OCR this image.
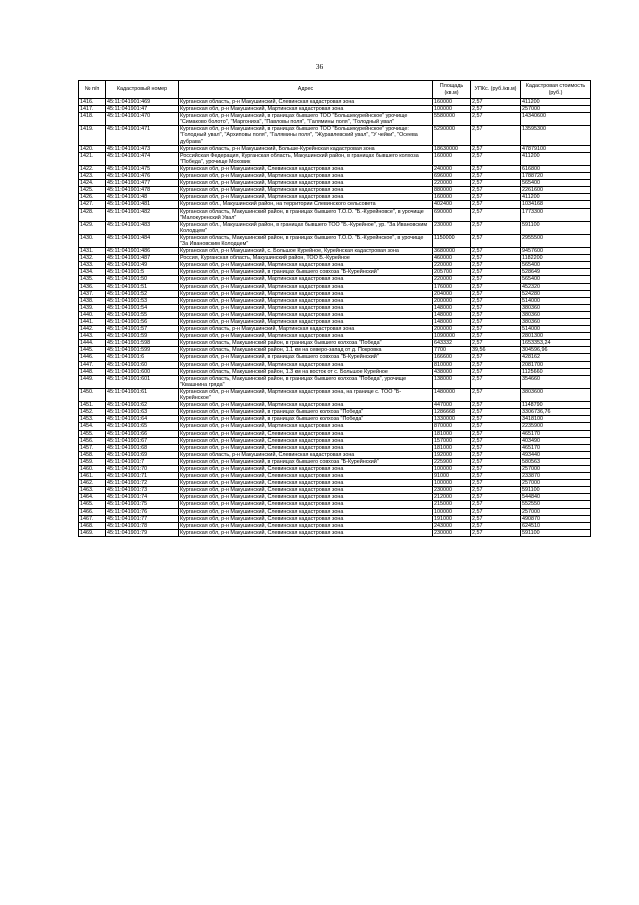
36
№ п/п	Кадастровый номер	Адрес	Площадь (кв.м)	УПКс. (руб./кв.м)	Кадастровая стоимость (руб.)
1416.	45:11:041901:469	Курганская область, р-н Макушинский, Слевинская кадастровая зона	160000	2,57	411200
1417.	45:11:041901:47	Курганская обл, р-н Макушинский, Мартинская кадастровая зона	100000	2,57	257000
1418.	45:11:041901:470	Курганская обл, р-н Макушинский, в границах бывшего ТОО "Большекурейнское" урочище "Симаково болото", "Маргониха", "Павловы поля", "Галямины поля", "Голодный увал"	5580000	2,57	14340600
1419.	45:11:041901:471	Курганская обл, р-н Макушинский, в границах бывшего ТОО "Большекурейнское" урочище: "Голодный увал", "Архиповы поля", "Галямины поля", "Журавлевский увал", "У чейки", "Осеева дубрава"	5290000	2,57	13595300
1420.	45:11:041901:473	Курганская область, р-н Макушинский, Больше-Курейнская кадастровая зона	18630000	2,57	47879100
1421.	45:11:041901:474	Российская Федерация, Курганская область, Макушинский район, в границах бывшего колхоза "Победа", урочище Моховик	160000	2,57	411200
1422.	45:11:041901:475	Курганская обл, р-н Макушинский, Слевинская кадастровая зона	240000	2,57	616800
1423.	45:11:041901:476	Курганская обл, р-н Макушинский, Мартинская кадастровая зона	696000	2,57	1788720
1424.	45:11:041901:477	Курганская обл, р-н Макушинский, Мартинская кадастровая зона	220000	2,57	565400
1425.	45:11:041901:478	Курганская обл, р-н Макушинский, Мартинская кадастровая зона	880000	2,57	2261600
1426.	45:11:041901:48	Курганская обл, р-н Макушинский, Мартинская кадастровая зона	160000	2,57	411200
1427.	45:11:041901:481	Курганская обл., Макушинский район, на территории Слевинского сельсовета	402400	2,57	1034168
1428.	45:11:041901:482	Курганская область, Макушинский район, в границах бывшего Т.О.О. "Б.-Курейновсе", в урочище "Малокуренский Увал"	690000	2,57	1773300
1429.	45:11:041901:483	Курганская обл., Макушинский район, в границах бывшего ТОО "Б.-Курейное", ур. "За Ивановским Колодцем"	230000	2,57	591100
1430.	45:11:041901:484	Курганская область, Макушинский район, в границах бывшего Т.О.О. "Б.-Курейнское", в урочище "За Ивановским Колодцем"	1150000	2,57	2955500
1431.	45:11:041901:486	Курганская обл, р-н Макушинский, с. Большое Курейное, Курейнская кадастровая зона	3680000	2,57	9457600
1432.	45:11:041901:487	Россия, Курганская область, Макушинский район, ТОО Б.-Курейное	460000	2,57	1182200
1433.	45:11:041901:49	Курганская обл, р-н Макушинский, Мартинская кадастровая зона	220000	2,57	565400
1434.	45:11:041901:5	Курганская обл, р-н Макушинский, в границах бывшего совхоза "Б-Курейнский"	205700	2,57	528649
1435.	45:11:041901:50	Курганская обл, р-н Макушинский, Мартинская кадастровая зона	220000	2,57	565400
1436.	45:11:041901:51	Курганская обл, р-н Макушинский, Мартинская кадастровая зона	176000	2,57	452320
1437.	45:11:041901:52	Курганская обл, р-н Макушинский, Мартинская кадастровая зона	204000	2,57	524280
1438.	45:11:041901:53	Курганская обл, р-н Макушинский, Мартинская кадастровая зона	200000	2,57	514000
1439.	45:11:041901:54	Курганская обл, р-н Макушинский, Мартинская кадастровая зона	148000	2,57	380360
1440.	45:11:041901:55	Курганская обл, р-н Макушинский, Мартинская кадастровая зона	148000	2,57	380360
1441.	45:11:041901:56	Курганская обл, р-н Макушинский, Мартинская кадастровая зона	148000	2,57	380360
1442.	45:11:041901:57	Курганская область, р-н Макушинский, Мартинская кадастровая зона	200000	2,57	514000
1443.	45:11:041901:59	Курганская обл, р-н Макушинский, Мартинская кадастровая зона	1090000	2,57	2801300
1444.	45:11:041901:598	Курганская область, Макушинский район, в границах бывшего колхоза "Победа"	643332	2,57	1653353,24
1445.	45:11:041901:599	Курганская область, Макушинский район, 1.1 км на северо-запад от д. Покровка	7700	39,56	304596,96
1446.	45:11:041901:6	Курганская обл, р-н Макушинский, в границах бывшего совхоза "Б-Курейнский"	166600	2,57	428162
1447.	45:11:041901:60	Курганская обл, р-н Макушинский, Мартинская кадастровая зона	810000	2,57	2081700
1448.	45:11:041901:600	Курганская область, Макушинский район, 1.3 км на восток от с. Большое Курейное	438000	2,57	1125660
1449.	45:11:041901:601	Курганская область, Макушинский район, в границах бывшего колхоза "Победа", урочище "Квашнина гряда"	138000	2,57	354660
1450.	45:11:041901:61	Курганская обл, р-н Макушинский, Мартинская кадастровая зона, на границе с. ТОО "Б-Курейнское"	1480000	2,57	3803600
1451.	45:11:041901:62	Курганская обл, р-н Макушинский, Мартинская кадастровая зона	447000	2,57	1148790
1452.	45:11:041901:63	Курганская обл, р-н Макушинский, в границах бывшего колхоза "Победа"	1286668	2,57	3306736,76
1453.	45:11:041901:64	Курганская обл, р-н Макушинский, в границах бывшего колхоза "Победа"	1330000	2,57	3418100
1454.	45:11:041901:65	Курганская обл, р-н Макушинский, Мартинская кадастровая зона	870000	2,57	2235900
1455.	45:11:041901:66	Курганская обл, р-н Макушинский, Слевинская кадастровая зона	181000	2,57	465170
1456.	45:11:041901:67	Курганская обл, р-н Макушинский, Слевинская кадастровая зона	157000	2,57	403490
1457.	45:11:041901:68	Курганская обл, р-н Макушинский, Слевинская кадастровая зона	181000	2,57	465170
1458.	45:11:041901:69	Курганская область, р-н Макушинский, Слевинская кадастровая зона	192000	2,57	493440
1459.	45:11:041901:7	Курганская обл, р-н Макушинский, в границах бывшего совхоза "Б-Курейнский"	225900	2,57	580563
1460.	45:11:041901:70	Курганская обл, р-н Макушинский, Слевинская кадастровая зона	100000	2,57	257000
1461.	45:11:041901:71	Курганская обл, р-н Макушинский, Слевинская кадастровая зона	91000	2,57	233870
1462.	45:11:041901:72	Курганская обл, р-н Макушинский, Слевинская кадастровая зона	100000	2,57	257000
1463.	45:11:041901:73	Курганская обл, р-н Макушинский, Слевинская кадастровая зона	230000	2,57	591100
1464.	45:11:041901:74	Курганская обл, р-н Макушинский, Слевинская кадастровая зона	212000	2,57	544840
1465.	45:11:041901:75	Курганская обл, р-н Макушинский, Слевинская кадастровая зона	215000	2,57	552550
1466.	45:11:041901:76	Курганская обл, р-н Макушинский, Слевинская кадастровая зона	100000	2,57	257000
1467.	45:11:041901:77	Курганская обл, р-н Макушинский, Слевинская кадастровая зона	191000	2,57	490870
1468.	45:11:041901:78	Курганская обл, р-н Макушинский, Слевинская кадастровая зона	243000	2,57	624510
1469.	45:11:041901:79	Курганская обл, р-н Макушинский, Слевинская кадастровая зона	230000	2,57	591100
